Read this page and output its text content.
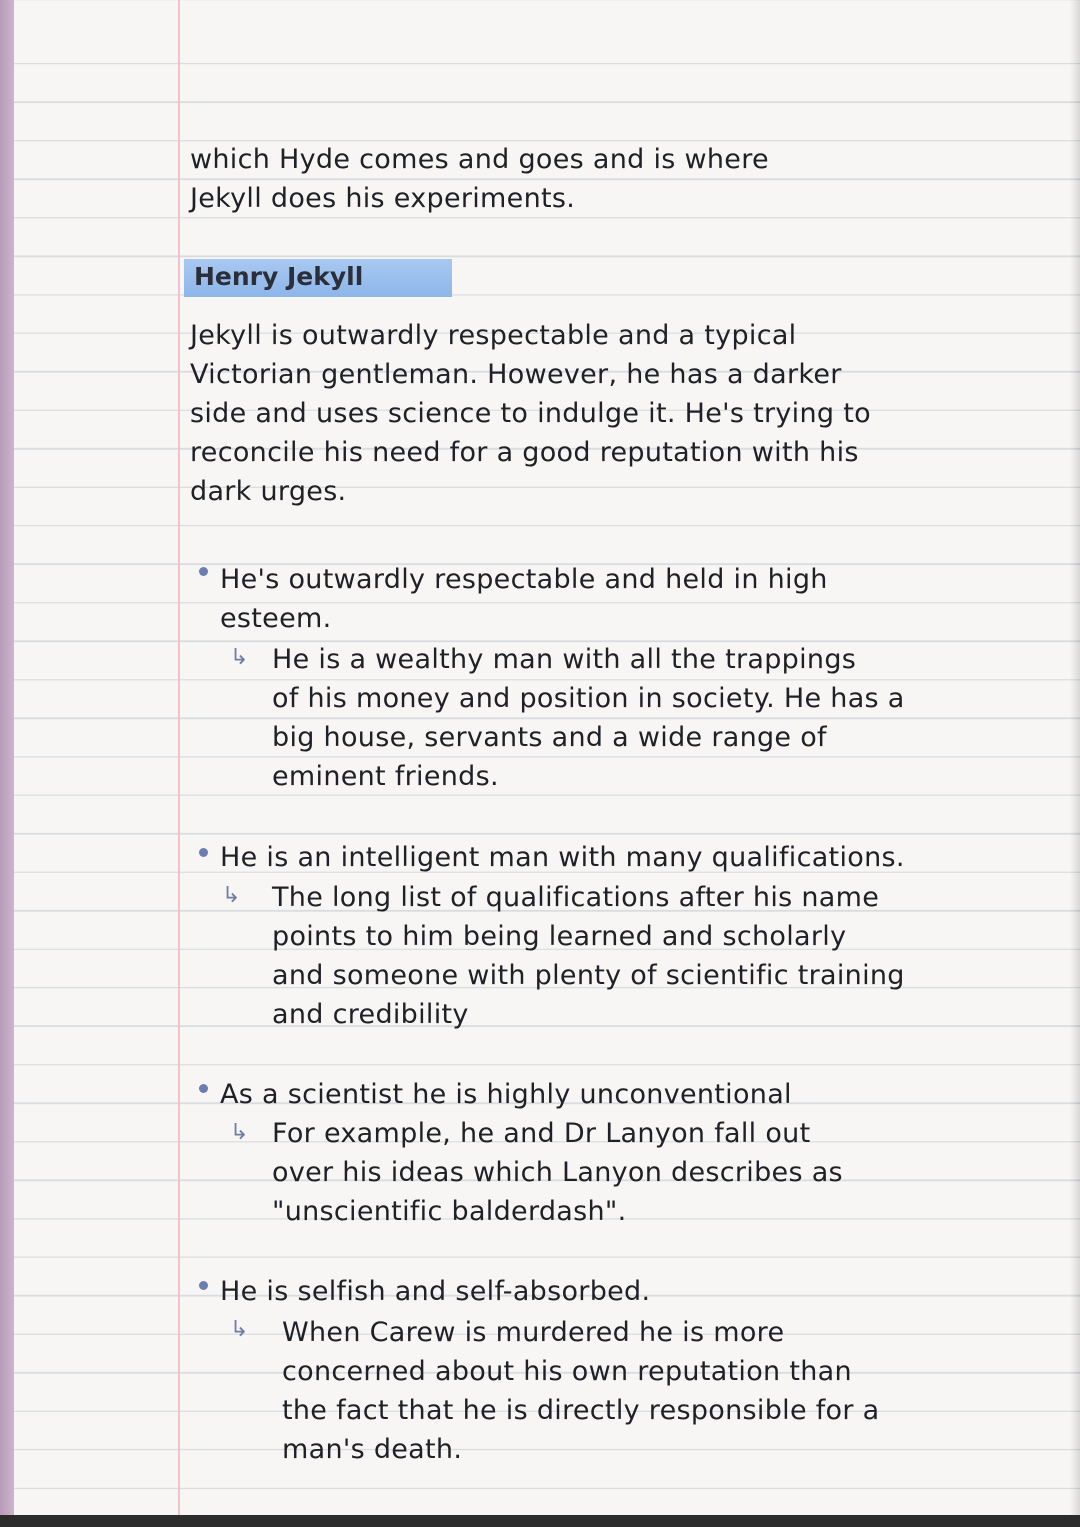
which Hyde comes and goes and is where
Jekyll does his experiments.
Henry Jekyll
Jekyll is outwardly respectable and a typical
Victorian gentleman. However, he has a darker
side and uses science to indulge it. He's trying to
reconcile his need for a good reputation with his
dark urges.
He's outwardly respectable and held in high
esteem.
↳ He is a wealthy man with all the trappings
of his money and position in society. He has a
big house, servants and a wide range of
eminent friends.
He is an intelligent man with many qualifications.
↳ The long list of qualifications after his name
points to him being learned and scholarly
and someone with plenty of scientific training
and credibility
As a scientist he is highly unconventional
↳ For example, he and Dr Lanyon fall out
over his ideas which Lanyon describes as
"unscientific balderdash".
He is selfish and self-absorbed.
↳ When Carew is murdered he is more
concerned about his own reputation than
the fact that he is directly responsible for a
man's death.
